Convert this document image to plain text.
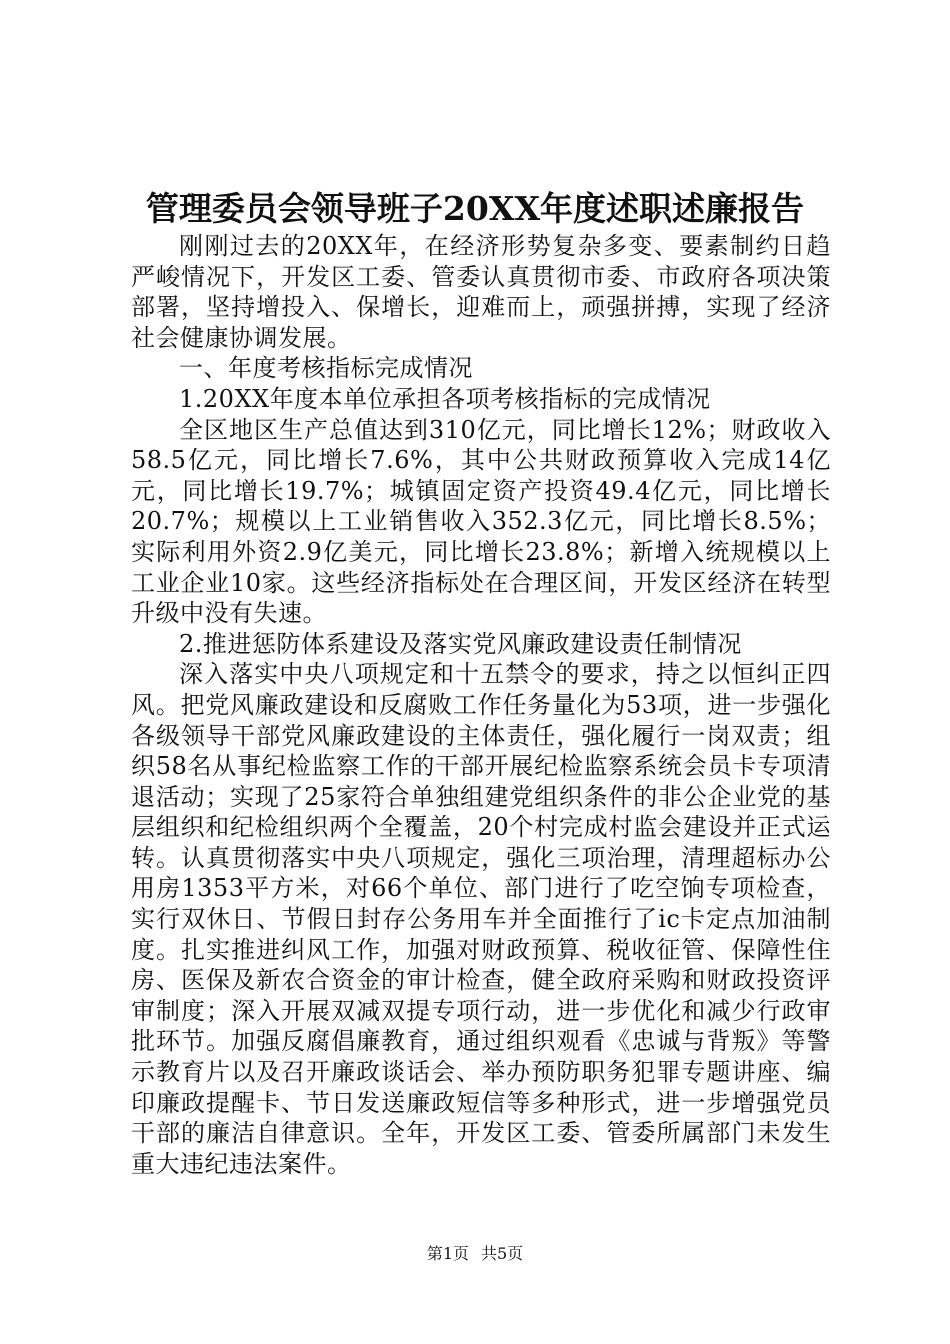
管理委员会领导班子20XX年度述职述廉报告

刚刚过去的20XX年，在经济形势复杂多变、要素制约日趋严峻情况下，开发区工委、管委认真贯彻市委、市政府各项决策部署，坚持增投入、保增长，迎难而上，顽强拼搏，实现了经济社会健康协调发展。

一、年度考核指标完成情况

1.20XX年度本单位承担各项考核指标的完成情况

全区地区生产总值达到310亿元，同比增长12%；财政收入58.5亿元，同比增长7.6%，其中公共财政预算收入完成14亿元，同比增长19.7%；城镇固定资产投资49.4亿元，同比增长20.7%；规模以上工业销售收入352.3亿元，同比增长8.5%；实际利用外资2.9亿美元，同比增长23.8%；新增入统规模以上工业企业10家。这些经济指标处在合理区间，开发区经济在转型升级中没有失速。

2.推进惩防体系建设及落实党风廉政建设责任制情况

深入落实中央八项规定和十五禁令的要求，持之以恒纠正四风。把党风廉政建设和反腐败工作任务量化为53项，进一步强化各级领导干部党风廉政建设的主体责任，强化履行一岗双责；组织58名从事纪检监察工作的干部开展纪检监察系统会员卡专项清退活动；实现了25家符合单独组建党组织条件的非公企业党的基层组织和纪检组织两个全覆盖，20个村完成村监会建设并正式运转。认真贯彻落实中央八项规定，强化三项治理，清理超标办公用房1353平方米，对66个单位、部门进行了吃空饷专项检查，实行双休日、节假日封存公务用车并全面推行了ic卡定点加油制度。扎实推进纠风工作，加强对财政预算、税收征管、保障性住房、医保及新农合资金的审计检查，健全政府采购和财政投资评审制度；深入开展双减双提专项行动，进一步优化和减少行政审批环节。加强反腐倡廉教育，通过组织观看《忠诚与背叛》等警示教育片以及召开廉政谈话会、举办预防职务犯罪专题讲座、编印廉政提醒卡、节日发送廉政短信等多种形式，进一步增强党员干部的廉洁自律意识。全年，开发区工委、管委所属部门未发生重大违纪违法案件。

第1页 共5页
